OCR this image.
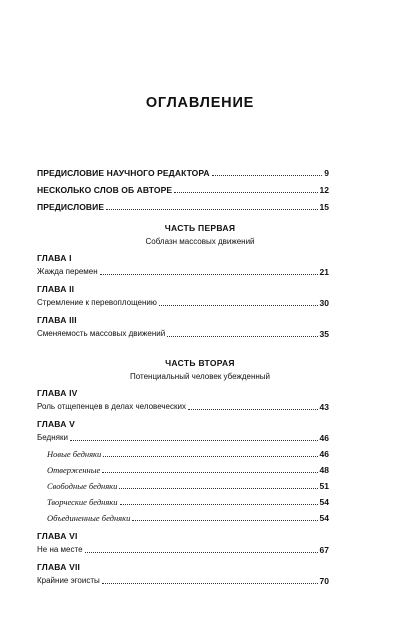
ОГЛАВЛЕНИЕ
ПРЕДИСЛОВИЕ НАУЧНОГО РЕДАКТОРА	9
НЕСКОЛЬКО СЛОВ ОБ АВТОРЕ	12
ПРЕДИСЛОВИЕ	15
ЧАСТЬ ПЕРВАЯ
Соблазн массовых движений
ГЛАВА I
Жажда перемен	21
ГЛАВА II
Стремление к перевоплощению	30
ГЛАВА III
Сменяемость массовых движений	35
ЧАСТЬ ВТОРАЯ
Потенциальный человек убежденный
ГЛАВА IV
Роль отщепенцев в делах человеческих	43
ГЛАВА V
Бедняки	46
Новые бедняки	46
Отверженные	48
Свободные бедняки	51
Творческие бедняки	54
Объединенные бедняки	54
ГЛАВА VI
Не на месте	67
ГЛАВА VII
Крайние эгоисты	70
